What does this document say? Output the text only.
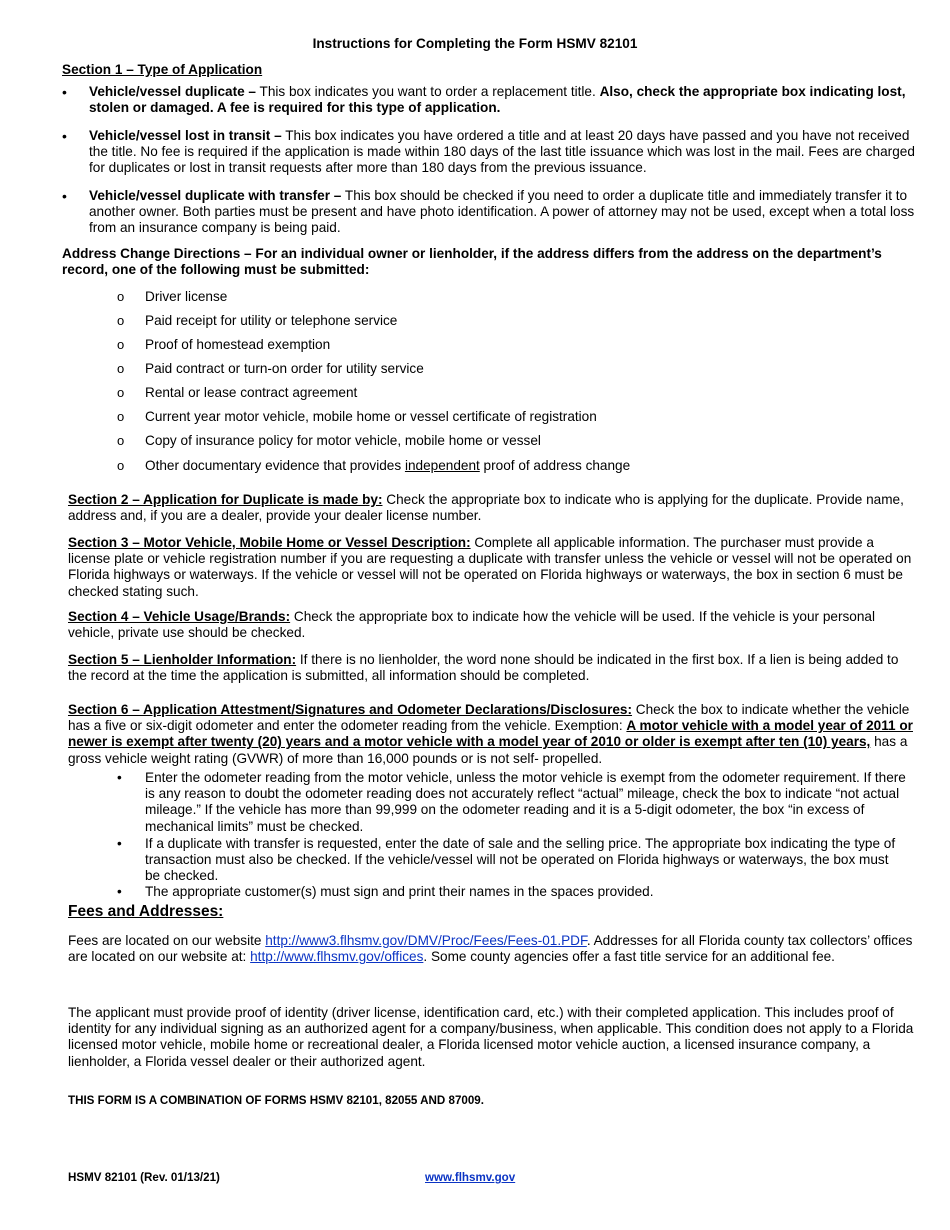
Instructions for Completing the Form HSMV 82101
Section 1 – Type of Application
• Vehicle/vessel duplicate – This box indicates you want to order a replacement title. Also, check the appropriate box indicating lost, stolen or damaged. A fee is required for this type of application.
• Vehicle/vessel lost in transit – This box indicates you have ordered a title and at least 20 days have passed and you have not received the title. No fee is required if the application is made within 180 days of the last title issuance which was lost in the mail. Fees are charged for duplicates or lost in transit requests after more than 180 days from the previous issuance.
• Vehicle/vessel duplicate with transfer – This box should be checked if you need to order a duplicate title and immediately transfer it to another owner. Both parties must be present and have photo identification. A power of attorney may not be used, except when a total loss from an insurance company is being paid.
Address Change Directions – For an individual owner or lienholder, if the address differs from the address on the department’s record, one of the following must be submitted:
o Driver license
o Paid receipt for utility or telephone service
o Proof of homestead exemption
o Paid contract or turn-on order for utility service
o Rental or lease contract agreement
o Current year motor vehicle, mobile home or vessel certificate of registration
o Copy of insurance policy for motor vehicle, mobile home or vessel
o Other documentary evidence that provides independent proof of address change
Section 2 – Application for Duplicate is made by: Check the appropriate box to indicate who is applying for the duplicate. Provide name, address and, if you are a dealer, provide your dealer license number.
Section 3 – Motor Vehicle, Mobile Home or Vessel Description: Complete all applicable information. The purchaser must provide a license plate or vehicle registration number if you are requesting a duplicate with transfer unless the vehicle or vessel will not be operated on Florida highways or waterways. If the vehicle or vessel will not be operated on Florida highways or waterways, the box in section 6 must be checked stating such.
Section 4 – Vehicle Usage/Brands: Check the appropriate box to indicate how the vehicle will be used. If the vehicle is your personal vehicle, private use should be checked.
Section 5 – Lienholder Information: If there is no lienholder, the word none should be indicated in the first box. If a lien is being added to the record at the time the application is submitted, all information should be completed.
Section 6 – Application Attestment/Signatures and Odometer Declarations/Disclosures: Check the box to indicate whether the vehicle has a five or six-digit odometer and enter the odometer reading from the vehicle. Exemption: A motor vehicle with a model year of 2011 or newer is exempt after twenty (20) years and a motor vehicle with a model year of 2010 or older is exempt after ten (10) years, has a gross vehicle weight rating (GVWR) of more than 16,000 pounds or is not self- propelled.
• Enter the odometer reading from the motor vehicle, unless the motor vehicle is exempt from the odometer requirement. If there is any reason to doubt the odometer reading does not accurately reflect “actual” mileage, check the box to indicate “not actual mileage.” If the vehicle has more than 99,999 on the odometer reading and it is a 5-digit odometer, the box “in excess of mechanical limits” must be checked.
• If a duplicate with transfer is requested, enter the date of sale and the selling price. The appropriate box indicating the type of transaction must also be checked. If the vehicle/vessel will not be operated on Florida highways or waterways, the box must be checked.
• The appropriate customer(s) must sign and print their names in the spaces provided.
Fees and Addresses:
Fees are located on our website http://www3.flhsmv.gov/DMV/Proc/Fees/Fees-01.PDF. Addresses for all Florida county tax collectors’ offices are located on our website at: http://www.flhsmv.gov/offices. Some county agencies offer a fast title service for an additional fee.
The applicant must provide proof of identity (driver license, identification card, etc.) with their completed application. This includes proof of identity for any individual signing as an authorized agent for a company/business, when applicable. This condition does not apply to a Florida licensed motor vehicle, mobile home or recreational dealer, a Florida licensed motor vehicle auction, a licensed insurance company, a lienholder, a Florida vessel dealer or their authorized agent.
THIS FORM IS A COMBINATION OF FORMS HSMV 82101, 82055 AND 87009.
HSMV 82101 (Rev. 01/13/21)	www.flhsmv.gov
